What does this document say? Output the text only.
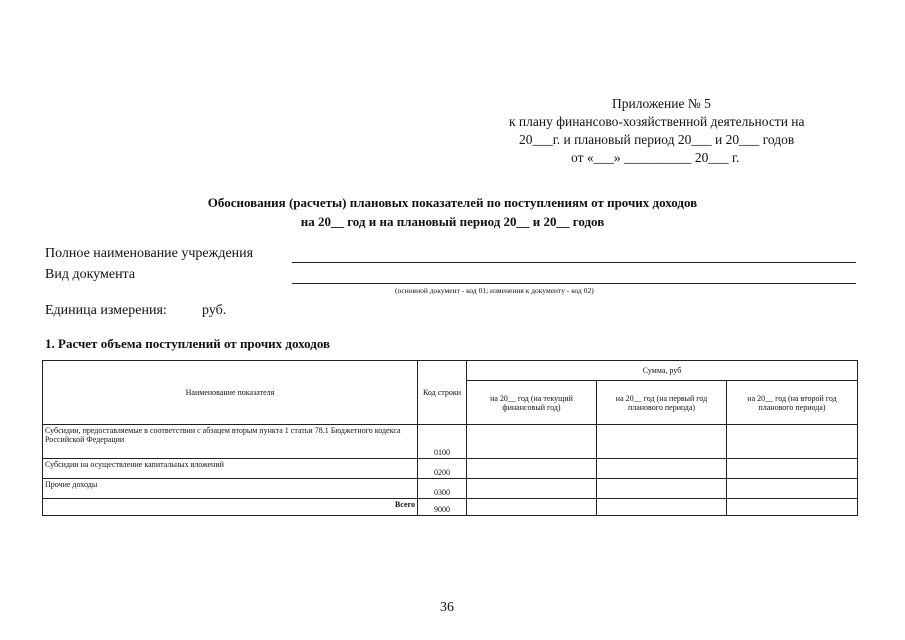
Приложение № 5
к плану финансово-хозяйственной деятельности на
20___г. и плановый период 20___ и 20___ годов
от «___» __________ 20___ г.
Обоснования (расчеты) плановых показателей по поступлениям от прочих доходов
на 20__ год и на плановый период 20__ и 20__ годов
Полное наименование учреждения
Вид документа
(основной документ - код 01; изменения к документу - код 02)
Единица измерения:	руб.
1. Расчет объема поступлений от прочих доходов
Наименование показателя	Код строки	Сумма, руб		
		на 20__ год (на текущий финансовый год)	на 20__ год (на первый год планового периода)	на 20__ год (на второй год планового периода)
Субсидии, предоставляемые в соответствии с абзацем вторым пункта 1 статьи 78.1 Бюджетного кодекса Российской Федерации	0100			
Субсидии на осуществление капитальных вложений	0200			
Прочие доходы	0300			
Всего	9000			
36
